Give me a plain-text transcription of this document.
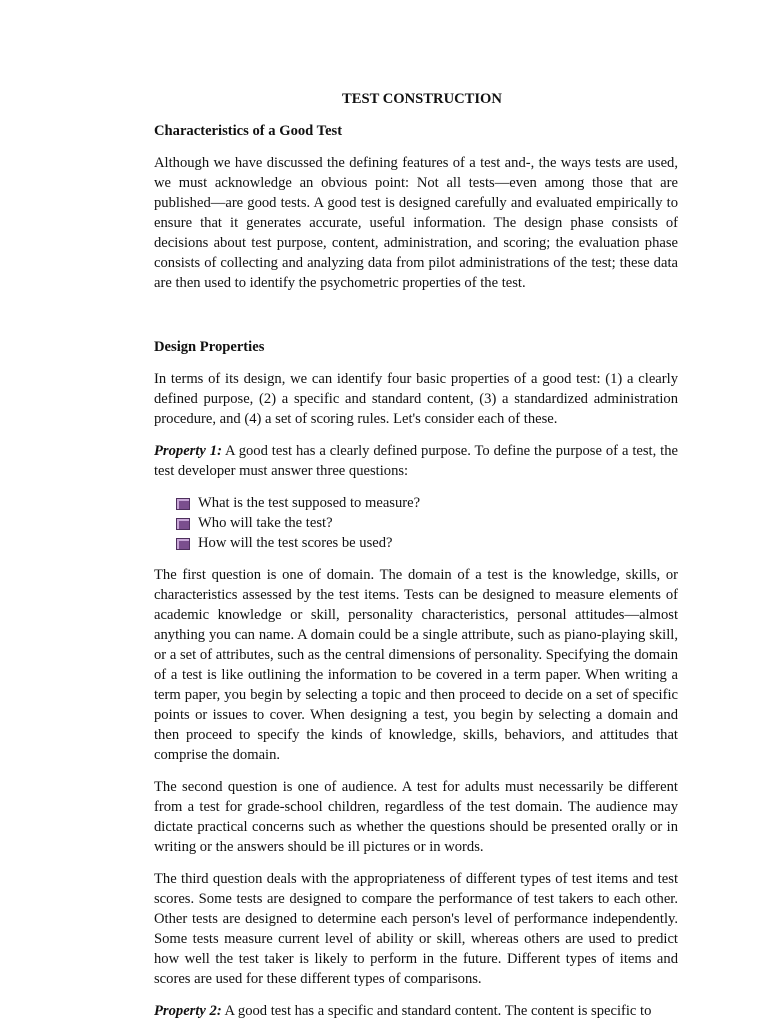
TEST CONSTRUCTION
Characteristics of a Good Test

Although we have discussed the defining features of a test and-, the ways tests are used, we must acknowledge an obvious point: Not all tests—even among those that are published—are good tests. A good test is designed carefully and evaluated empirically to ensure that it generates accurate, useful information. The design phase consists of decisions about test purpose, content, administration, and scoring; the evaluation phase consists of collecting and analyzing data from pilot administrations of the test; these data are then used to identify the psychometric properties of the test.

Design Properties

In terms of its design, we can identify four basic properties of a good test: (1) a clearly defined purpose, (2) a specific and standard content, (3) a standardized administration procedure, and (4) a set of scoring rules. Let's consider each of these.

Property 1: A good test has a clearly defined purpose. To define the purpose of a test, the test developer must answer three questions:

What is the test supposed to measure?
Who will take the test?
How will the test scores be used?

The first question is one of domain. The domain of a test is the knowledge, skills, or characteristics assessed by the test items. Tests can be designed to measure elements of academic knowledge or skill, personality characteristics, personal attitudes—almost anything you can name. A domain could be a single attribute, such as piano-playing skill, or a set of attributes, such as the central dimensions of personality. Specifying the domain of a test is like outlining the information to be covered in a term paper. When writing a term paper, you begin by selecting a topic and then proceed to decide on a set of specific points or issues to cover. When designing a test, you begin by selecting a domain and then proceed to specify the kinds of knowledge, skills, behaviors, and attitudes that comprise the domain.

The second question is one of audience. A test for adults must necessarily be different from a test for grade-school children, regardless of the test domain. The audience may dictate practical concerns such as whether the questions should be presented orally or in writing or the answers should be ill pictures or in words.

The third question deals with the appropriateness of different types of test items and test scores. Some tests are designed to compare the performance of test takers to each other. Other tests are designed to determine each person's level of performance independently. Some tests measure current level of ability or skill, whereas others are used to predict how well the test taker is likely to perform in the future. Different types of items and scores are used for these different types of comparisons.

Property 2: A good test has a specific and standard content. The content is specific to
